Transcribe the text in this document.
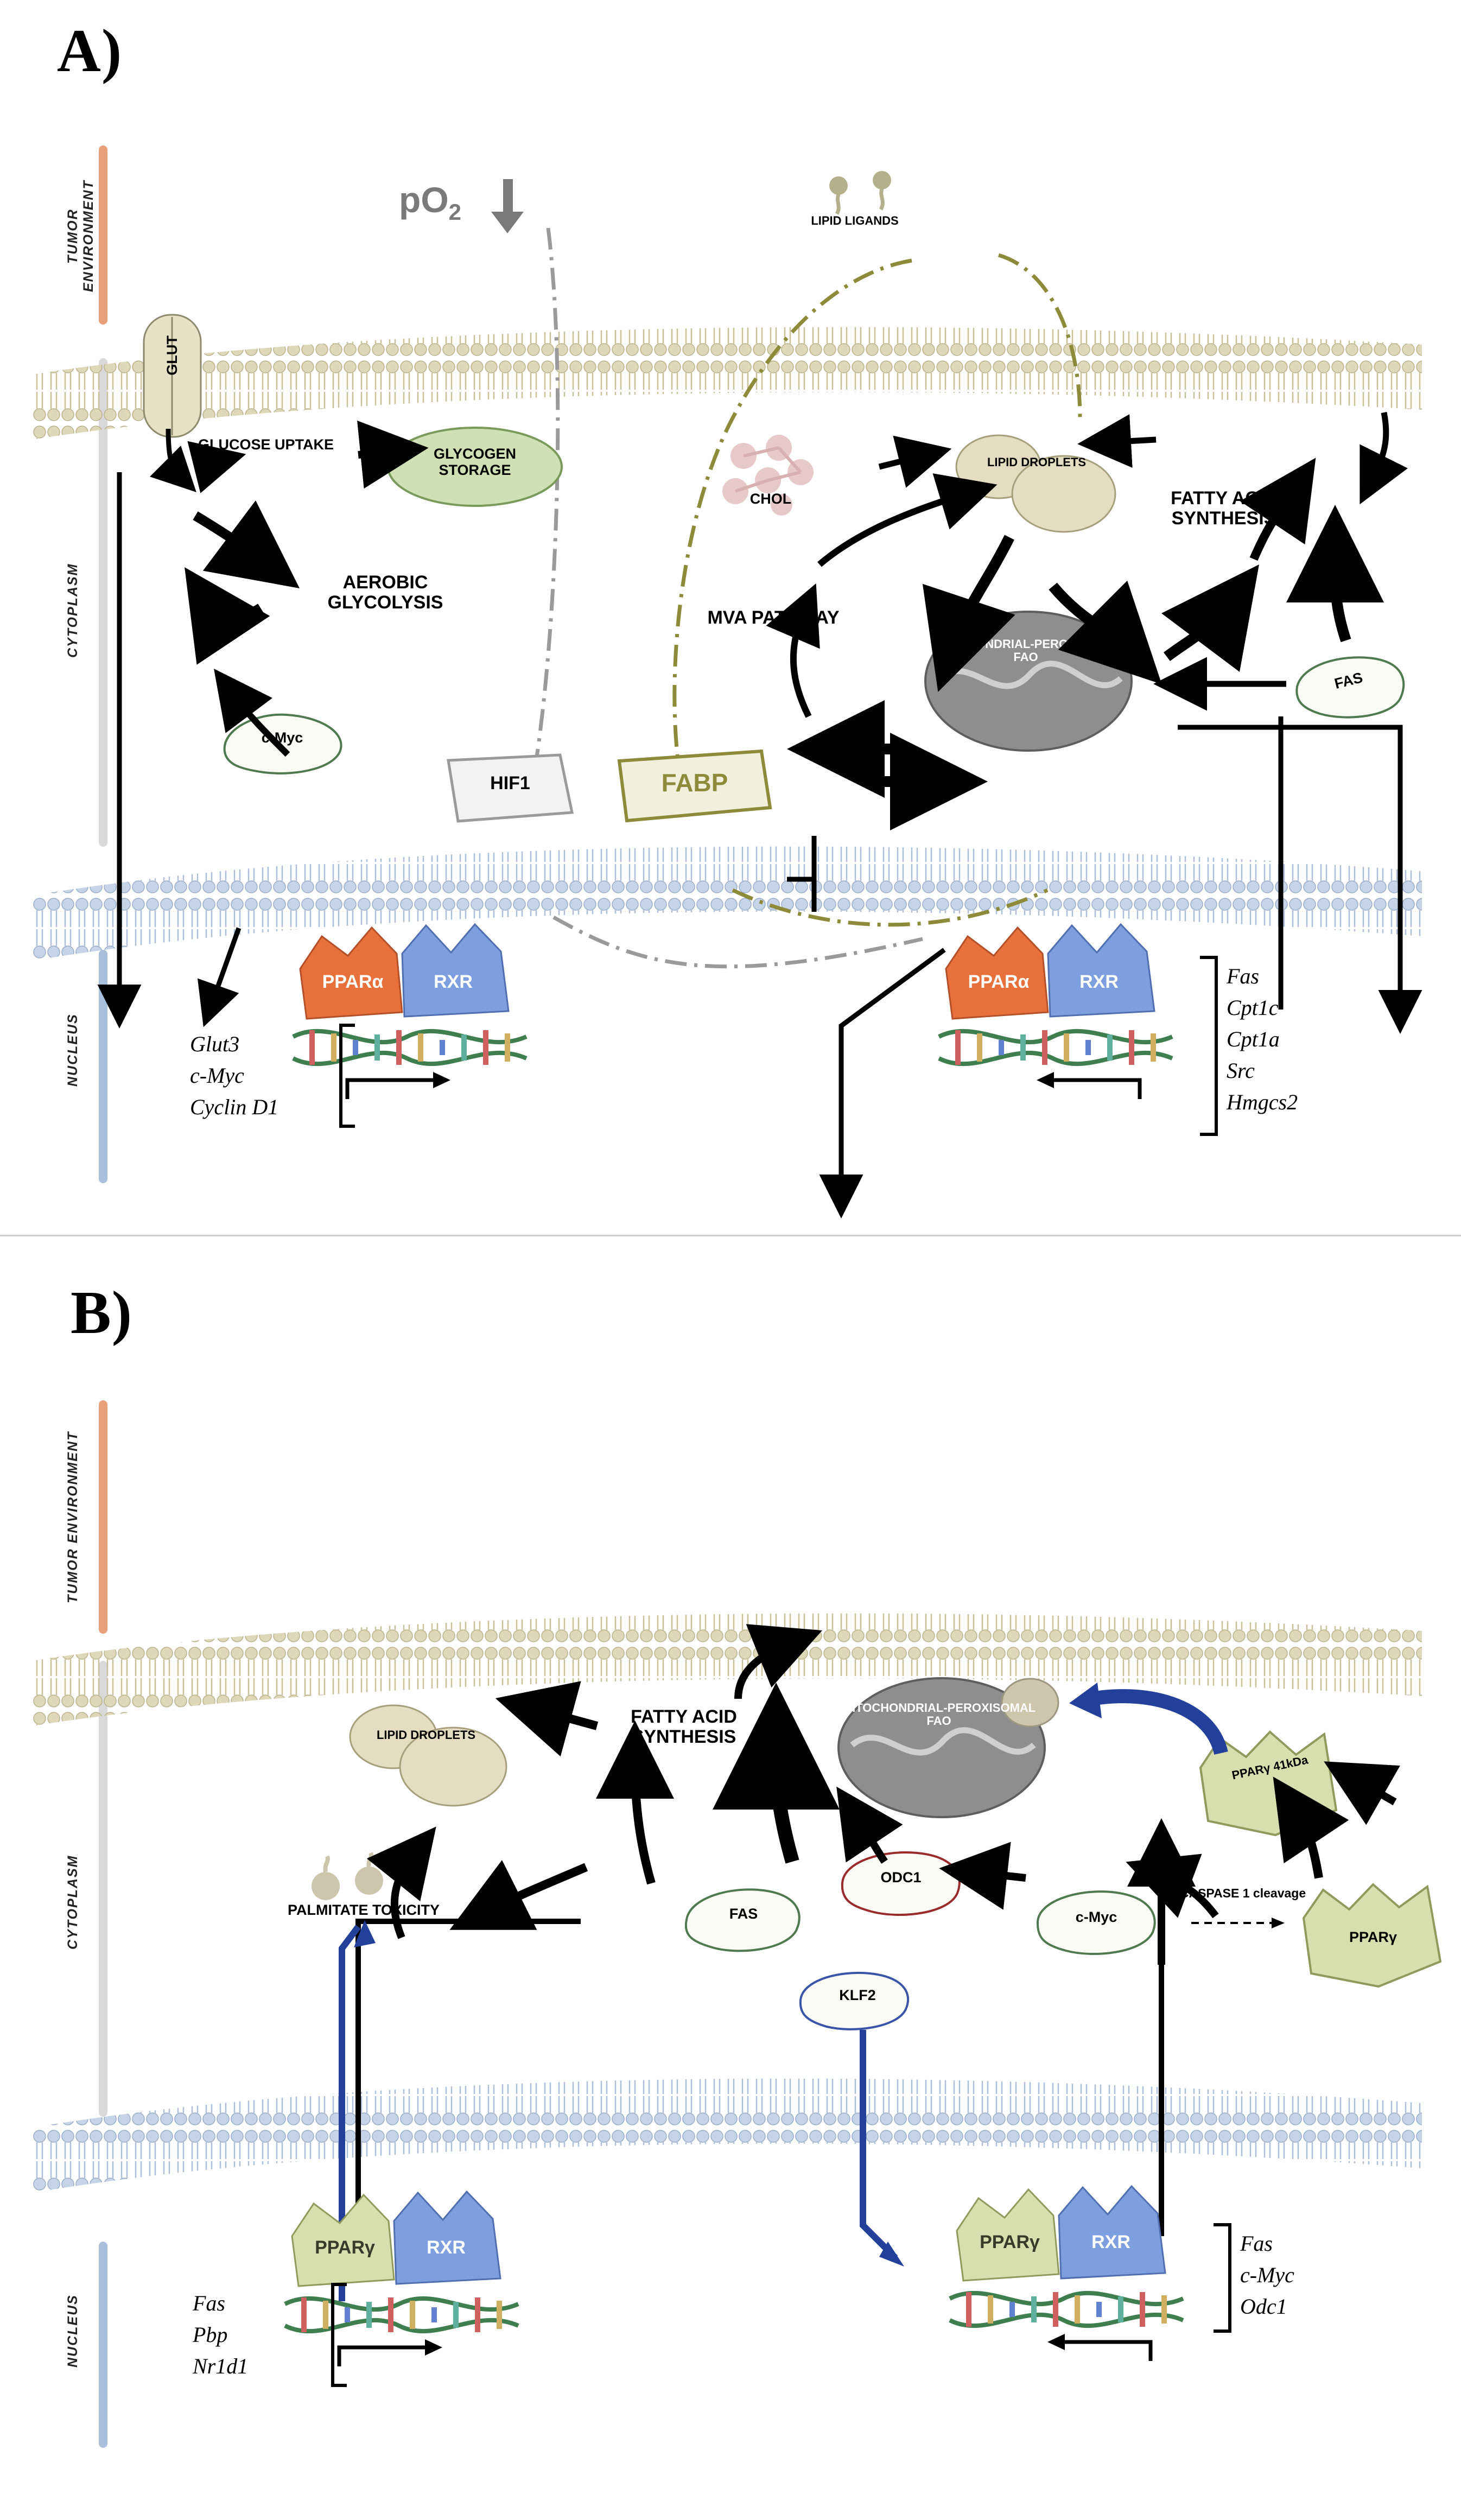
A)
TUMOR ENVIRONMENT
CYTOPLASM
NUCLEUS
GLUT
$pO_2$	LIPID LIGANDS
GLUCOSE UPTAKE
GLYCOGEN STORAGE
AEROBIC GLYCOLYSIS
c-Myc
HIF1	FABP
CHOL
MVA PATHWAY
LIPID DROPLETS
MITOCHONDRIAL-PEROXISOMAL FAO
FATTY ACID SYNTHESIS
FAS
PPARα	RXR
Glut3
c-Myc
Cyclin D1
PPARα	RXR	Fas
Cpt1c
Cpt1a
Src
Hmgcs2
B)
TUMOR ENVIRONMENT
CYTOPLASM
NUCLEUS
LIPID DROPLETS
FATTY ACID SYNTHESIS
MITOCHONDRIAL-PEROXISOMAL FAO
PPARγ 41kDa
PALMITATE TOXICITY	FAS
ODC1
c-Myc
CASPASE 1 cleavage
PPARγ
KLF2
PPARγ	RXR
Fas
Pbp
Nr1d1
PPARγ	RXR	Fas
c-Myc
Odc1
